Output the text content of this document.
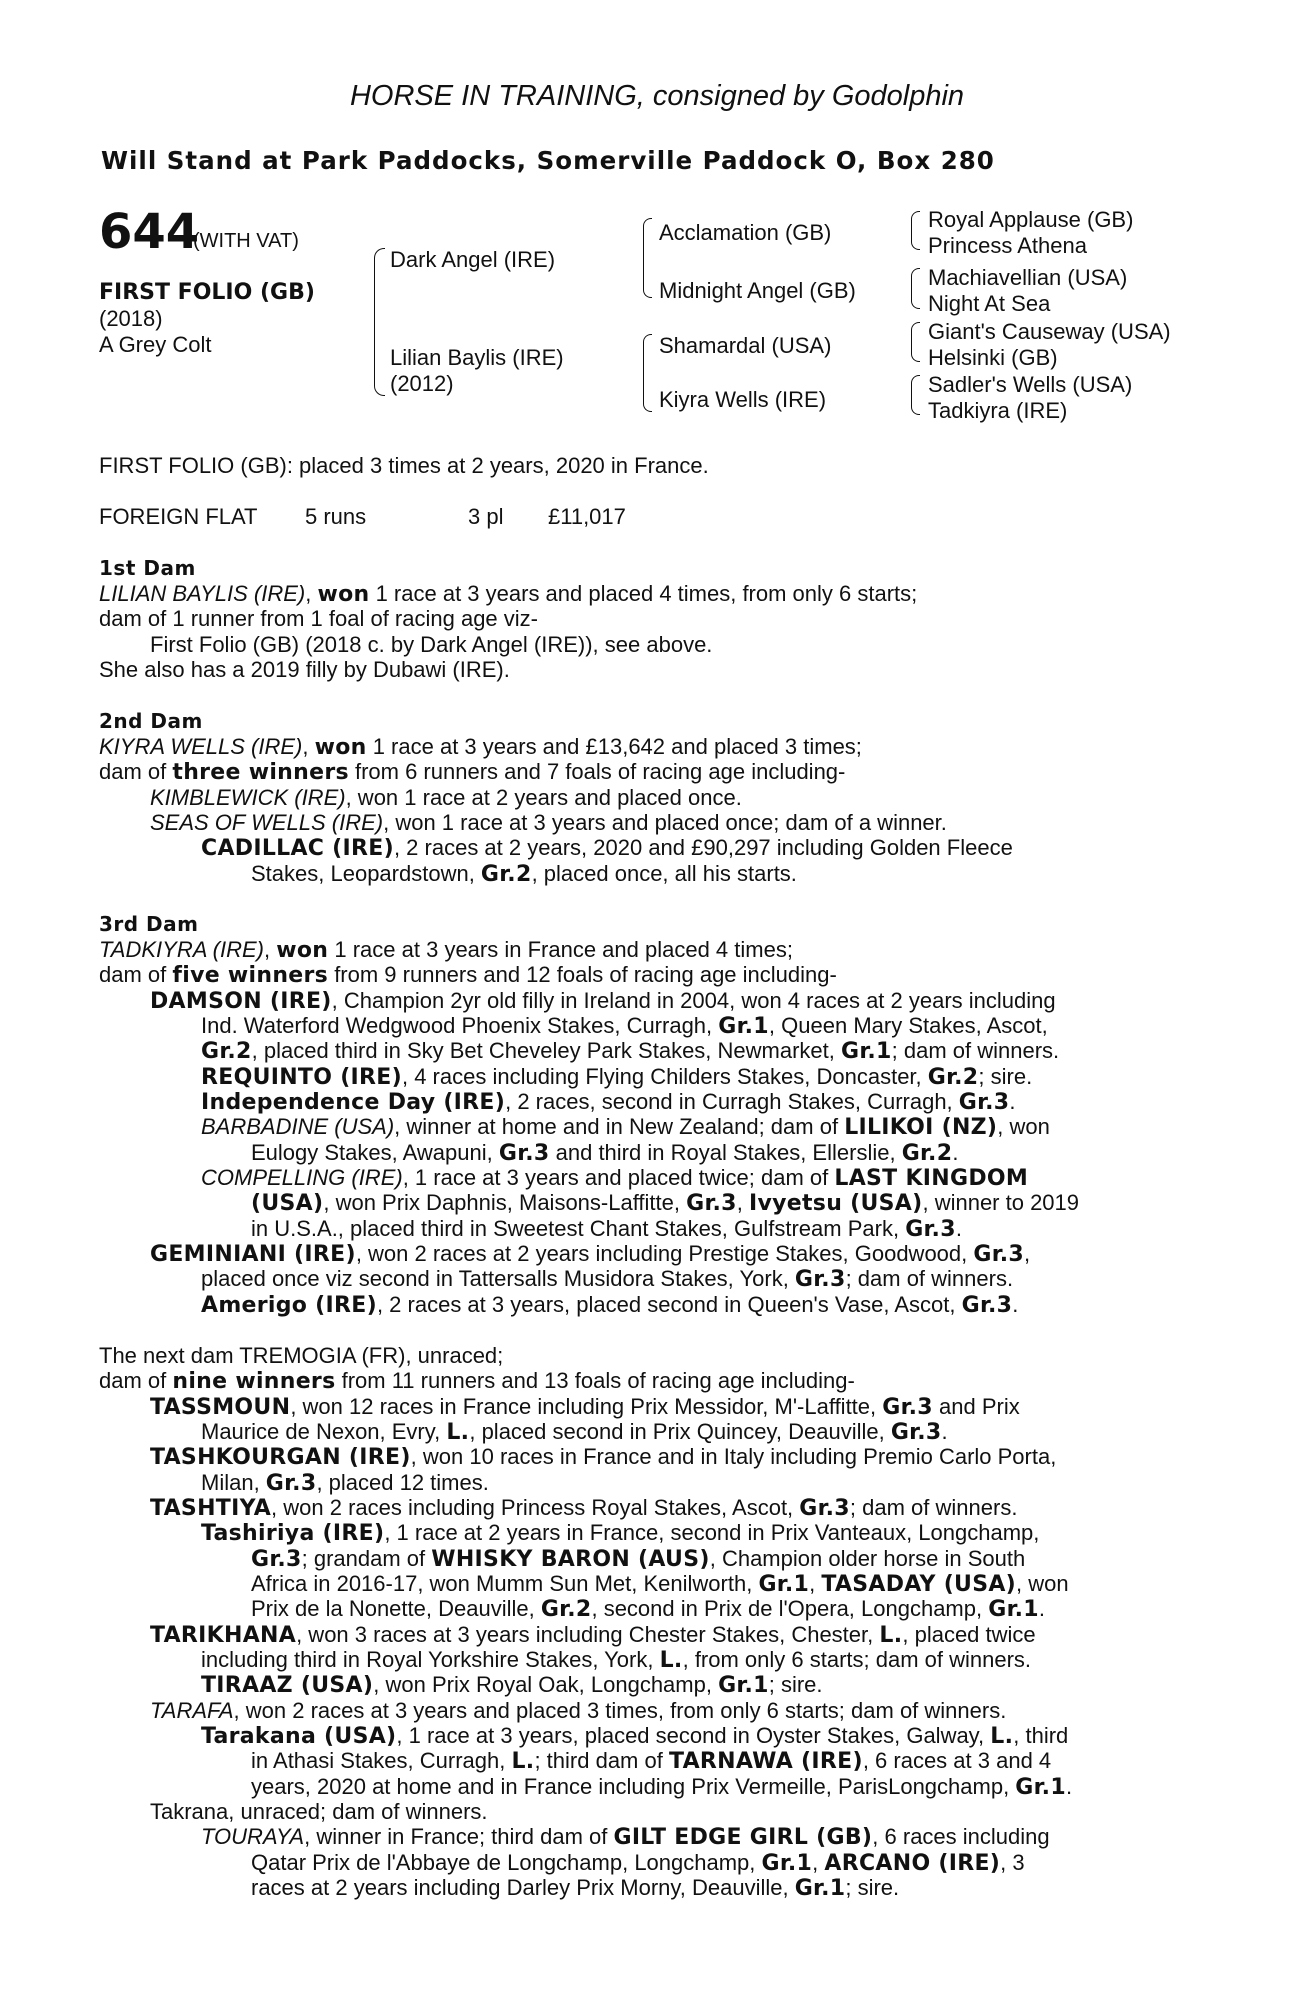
HORSE IN TRAINING, consigned by Godolphin
Will Stand at Park Paddocks, Somerville Paddock O, Box 280
644
(WITH VAT)
FIRST FOLIO (GB)
(2018)
A Grey Colt
Dark Angel (IRE)
Lilian Baylis (IRE)
(2012)
Acclamation (GB)
Midnight Angel (GB)
Shamardal (USA)
Kiyra Wells (IRE)
Royal Applause (GB)
Princess Athena
Machiavellian (USA)
Night At Sea
Giant's Causeway (USA)
Helsinki (GB)
Sadler's Wells (USA)
Tadkiyra (IRE)
FIRST FOLIO (GB): placed 3 times at 2 years, 2020 in France.
FOREIGN FLAT 5 runs	3 pl £11,017
1st Dam
LILIAN BAYLIS (IRE), won 1 race at 3 years and placed 4 times, from only 6 starts;
dam of 1 runner from 1 foal of racing age viz-
First Folio (GB) (2018 c. by Dark Angel (IRE)), see above.
She also has a 2019 filly by Dubawi (IRE).
2nd Dam
KIYRA WELLS (IRE), won 1 race at 3 years and £13,642 and placed 3 times;
dam of three winners from 6 runners and 7 foals of racing age including-
KIMBLEWICK (IRE), won 1 race at 2 years and placed once.
SEAS OF WELLS (IRE), won 1 race at 3 years and placed once; dam of a winner.
CADILLAC (IRE), 2 races at 2 years, 2020 and £90,297 including Golden Fleece
Stakes, Leopardstown, Gr.2, placed once, all his starts.
3rd Dam
TADKIYRA (IRE), won 1 race at 3 years in France and placed 4 times;
dam of five winners from 9 runners and 12 foals of racing age including-
DAMSON (IRE), Champion 2yr old filly in Ireland in 2004, won 4 races at 2 years including
Ind. Waterford Wedgwood Phoenix Stakes, Curragh, Gr.1, Queen Mary Stakes, Ascot,
Gr.2, placed third in Sky Bet Cheveley Park Stakes, Newmarket, Gr.1; dam of winners.
REQUINTO (IRE), 4 races including Flying Childers Stakes, Doncaster, Gr.2; sire.
Independence Day (IRE), 2 races, second in Curragh Stakes, Curragh, Gr.3.
BARBADINE (USA), winner at home and in New Zealand; dam of LILIKOI (NZ), won
Eulogy Stakes, Awapuni, Gr.3 and third in Royal Stakes, Ellerslie, Gr.2.
COMPELLING (IRE), 1 race at 3 years and placed twice; dam of LAST KINGDOM
(USA), won Prix Daphnis, Maisons-Laffitte, Gr.3, Ivyetsu (USA), winner to 2019
in U.S.A., placed third in Sweetest Chant Stakes, Gulfstream Park, Gr.3.
GEMINIANI (IRE), won 2 races at 2 years including Prestige Stakes, Goodwood, Gr.3,
placed once viz second in Tattersalls Musidora Stakes, York, Gr.3; dam of winners.
Amerigo (IRE), 2 races at 3 years, placed second in Queen's Vase, Ascot, Gr.3.
The next dam TREMOGIA (FR), unraced;
dam of nine winners from 11 runners and 13 foals of racing age including-
TASSMOUN, won 12 races in France including Prix Messidor, M'-Laffitte, Gr.3 and Prix
Maurice de Nexon, Evry, L., placed second in Prix Quincey, Deauville, Gr.3.
TASHKOURGAN (IRE), won 10 races in France and in Italy including Premio Carlo Porta,
Milan, Gr.3, placed 12 times.
TASHTIYA, won 2 races including Princess Royal Stakes, Ascot, Gr.3; dam of winners.
Tashiriya (IRE), 1 race at 2 years in France, second in Prix Vanteaux, Longchamp,
Gr.3; grandam of WHISKY BARON (AUS), Champion older horse in South
Africa in 2016-17, won Mumm Sun Met, Kenilworth, Gr.1, TASADAY (USA), won
Prix de la Nonette, Deauville, Gr.2, second in Prix de l'Opera, Longchamp, Gr.1.
TARIKHANA, won 3 races at 3 years including Chester Stakes, Chester, L., placed twice
including third in Royal Yorkshire Stakes, York, L., from only 6 starts; dam of winners.
TIRAAZ (USA), won Prix Royal Oak, Longchamp, Gr.1; sire.
TARAFA, won 2 races at 3 years and placed 3 times, from only 6 starts; dam of winners.
Tarakana (USA), 1 race at 3 years, placed second in Oyster Stakes, Galway, L., third
in Athasi Stakes, Curragh, L.; third dam of TARNAWA (IRE), 6 races at 3 and 4
years, 2020 at home and in France including Prix Vermeille, ParisLongchamp, Gr.1.
Takrana, unraced; dam of winners.
TOURAYA, winner in France; third dam of GILT EDGE GIRL (GB), 6 races including
Qatar Prix de l'Abbaye de Longchamp, Longchamp, Gr.1, ARCANO (IRE), 3
races at 2 years including Darley Prix Morny, Deauville, Gr.1; sire.
